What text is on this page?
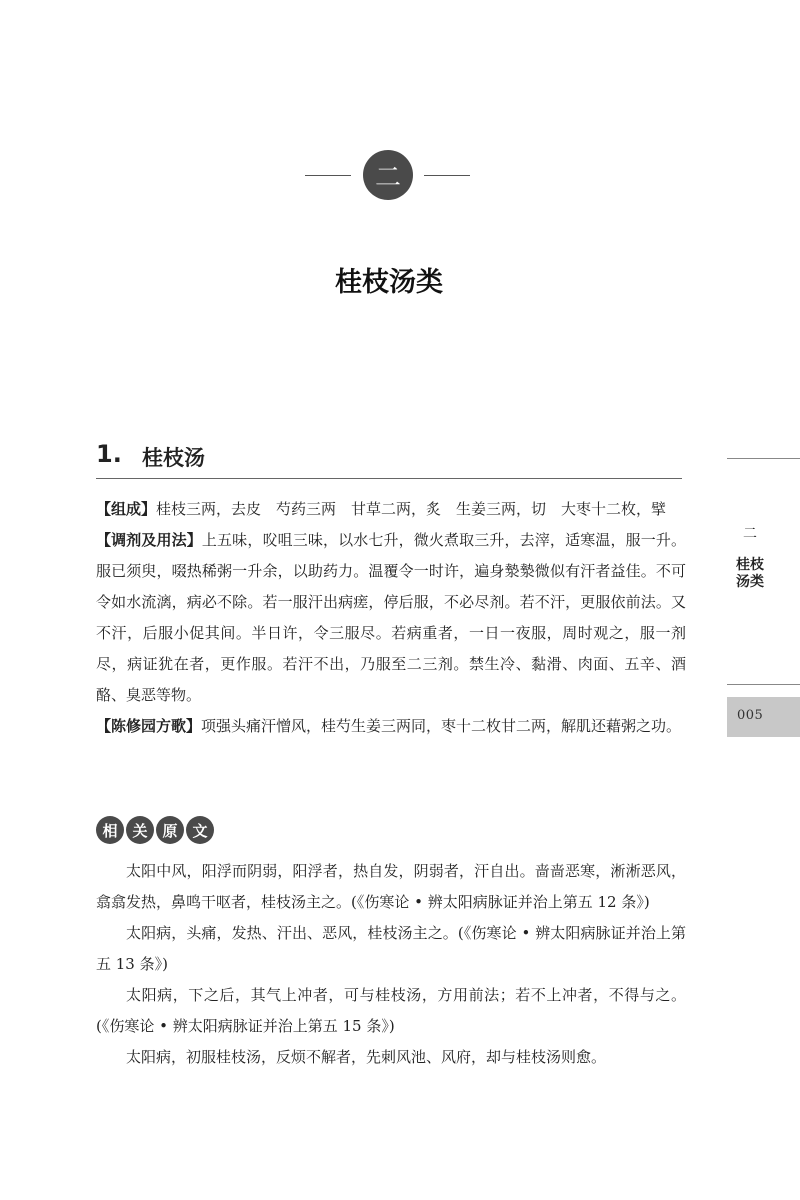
二
桂枝汤类
1. 桂枝汤

【组成】桂枝三两，去皮　芍药三两　甘草二两，炙　生姜三两，切　大枣十二枚，擘

【调剂及用法】上五味，㕮咀三味，以水七升，微火煮取三升，去滓，适寒温，服一升。服已须臾，啜热稀粥一升余，以助药力。温覆令一时许，遍身漐漐微似有汗者益佳。不可令如水流漓，病必不除。若一服汗出病瘥，停后服，不必尽剂。若不汗，更服依前法。又不汗，后服小促其间。半日许，令三服尽。若病重者，一日一夜服，周时观之，服一剂尽，病证犹在者，更作服。若汗不出，乃服至二三剂。禁生冷、黏滑、肉面、五辛、酒酪、臭恶等物。

【陈修园方歌】项强头痛汗憎风，桂芍生姜三两同，枣十二枚甘二两，解肌还藉粥之功。

相 关 原 文

太阳中风，阳浮而阴弱，阳浮者，热自发，阴弱者，汗自出。啬啬恶寒，淅淅恶风，翕翕发热，鼻鸣干呕者，桂枝汤主之。(《伤寒论 • 辨太阳病脉证并治上第五 12 条》)

太阳病，头痛，发热、汗出、恶风，桂枝汤主之。(《伤寒论 • 辨太阳病脉证并治上第五 13 条》)

太阳病，下之后，其气上冲者，可与桂枝汤，方用前法；若不上冲者，不得与之。(《伤寒论 • 辨太阳病脉证并治上第五 15 条》)

太阳病，初服桂枝汤，反烦不解者，先刺风池、风府，却与桂枝汤则愈。

二
桂枝汤类
005
